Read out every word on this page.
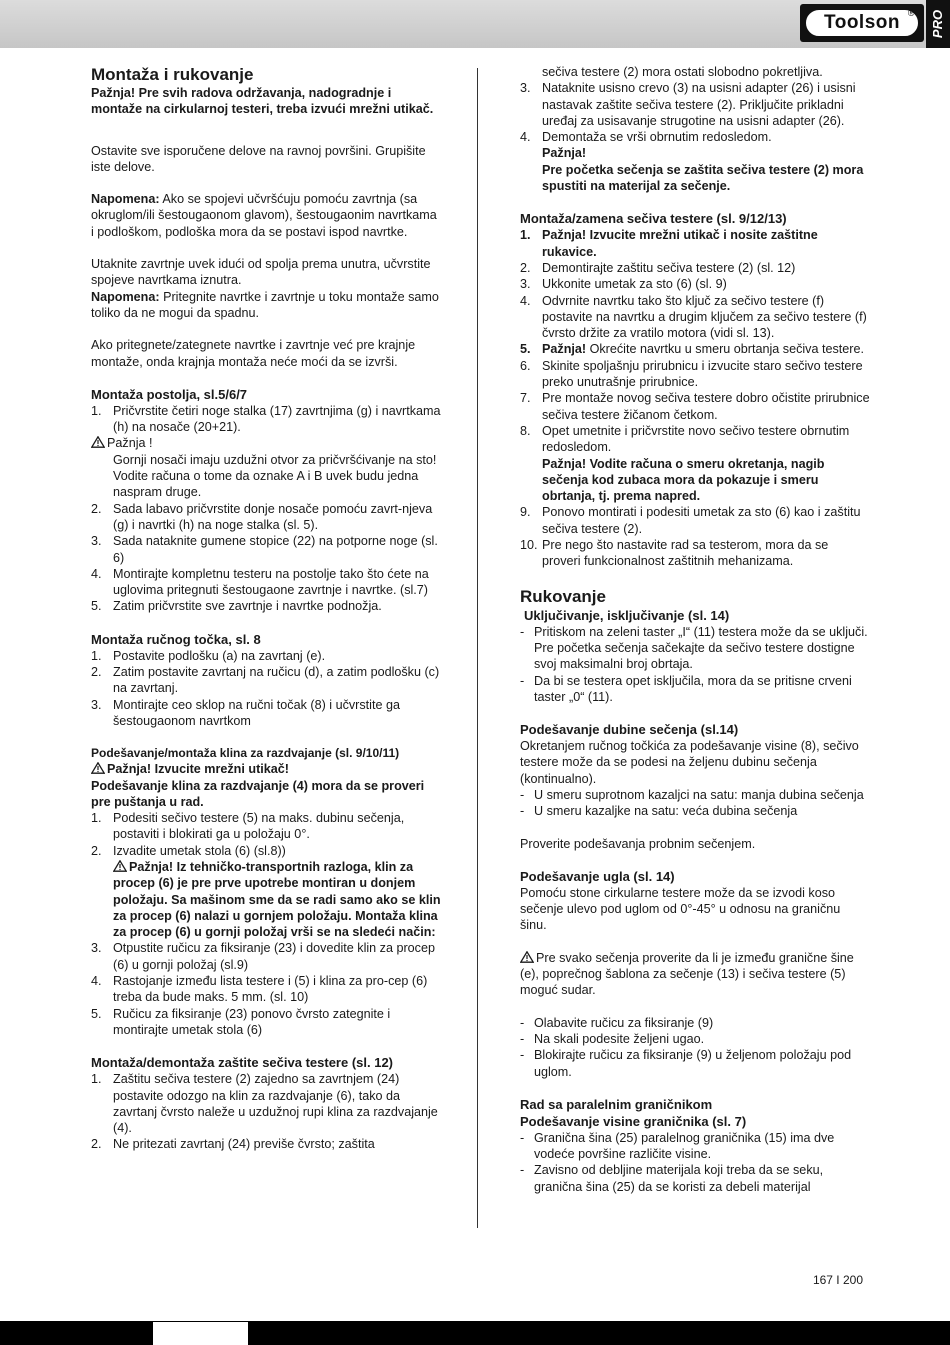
Toolson ®	PRO

Montaža i rukovanje

Pažnja! Pre svih radova održavanja, nadogradnje i montaže na cirkularnoj testeri, treba izvući mrežni utikač.

Ostavite sve isporučene delove na ravnoj površini. Grupišite iste delove.

Napomena: Ako se spojevi učvršćuju pomoću zavrtnja (sa okruglom/ili šestougaonom glavom), šestougaonim navrtkama i podloškom, podloška mora da se postavi ispod navrtke.

Utaknite zavrtnje uvek idući od spolja prema unutra, učvrstite spojeve navrtkama iznutra.

Napomena: Pritegnite navrtke i zavrtnje u toku montaže samo toliko da ne mogui da spadnu.

Ako pritegnete/zategnete navrtke i zavrtnje već pre krajnje montaže, onda krajnja montaža neće moći da se izvrši.

Montaža postolja, sl.5/6/7

1. Pričvrstite četiri noge stalka (17) zavrtnjima (g) i navrtkama (h) na nosače (20+21).

Pažnja !

Gornji nosači imaju uzdužni otvor za pričvršćivanje na sto!

Vodite računa o tome da oznake A i B uvek budu jedna naspram druge.

2. Sada labavo pričvrstite donje nosače pomoću zavrt-njeva (g) i navrtki (h) na noge stalka (sl. 5).
3. Sada nataknite gumene stopice (22) na potporne noge (sl. 6)
4. Montirajte kompletnu testeru na postolje tako što ćete na uglovima pritegnuti šestougaone zavrtnje i navrtke. (sl.7)
5. Zatim pričvrstite sve zavrtnje i navrtke podnožja.

Montaža ručnog točka, sl. 8

1. Postavite podlošku (a) na zavrtanj (e).
2. Zatim postavite zavrtanj na ručicu (d), a zatim podlošku (c) na zavrtanj.
3. Montirajte ceo sklop na ručni točak (8) i učvrstite ga šestougaonom navrtkom

Podešavanje/montaža klina za razdvajanje (sl. 9/10/11)

Pažnja! Izvucite mrežni utikač!

Podešavanje klina za razdvajanje (4) mora da se proveri pre puštanja u rad.

1. Podesiti sečivo testere (5) na maks. dubinu sečenja, postaviti i blokirati ga u položaju 0°.
2. Izvadite umetak stola (6) (sl.8))

Pažnja! Iz tehničko-transportnih razloga, klin za procep (6) je pre prve upotrebe montiran u donjem položaju. Sa mašinom sme da se radi samo ako se klin za procep (6) nalazi u gornjem položaju. Montaža klina za procep (6) u gornji položaj vrši se na sledeći način:

3. Otpustite ručicu za fiksiranje (23) i dovedite klin za procep (6) u gornji položaj (sl.9)
4. Rastojanje između lista testere i (5) i klina za pro-cep (6) treba da bude maks. 5 mm. (sl. 10)
5. Ručicu za fiksiranje (23) ponovo čvrsto zategnite i montirajte umetak stola (6)

Montaža/demontaža zaštite sečiva testere (sl. 12)

1. Zaštitu sečiva testere (2) zajedno sa zavrtnjem (24) postavite odozgo na klin za razdvajanje (6), tako da zavrtanj čvrsto naleže u uzdužnoj rupi klina za razdvajanje (4).
2. Ne pritezati zavrtanj (24) previše čvrsto; zaštita

sečiva testere (2) mora ostati slobodno pokretljiva.

3. Nataknite usisno crevo (3) na usisni adapter (26) i usisni nastavak zaštite sečiva testere (2). Priključite prikladni uređaj za usisavanje strugotine na usisni adapter (26).
4. Demontaža se vrši obrnutim redosledom.

Pažnja!

Pre početka sečenja se zaštita sečiva testere (2) mora spustiti na materijal za sečenje.

Montaža/zamena sečiva testere (sl. 9/12/13)

1. Pažnja! Izvucite mrežni utikač i nosite zaštitne rukavice.
2. Demontirajte zaštitu sečiva testere (2) (sl. 12)
3. Ukkonite umetak za sto (6) (sl. 9)
4. Odvrnite navrtku tako što ključ za sečivo testere (f) postavite na navrtku a drugim ključem za sečivo testere (f) čvrsto držite za vratilo motora (vidi sl. 13).
5. Pažnja! Okrećite navrtku u smeru obrtanja sečiva testere.
6. Skinite spoljašnju prirubnicu i izvucite staro sečivo testere preko unutrašnje prirubnice.
7. Pre montaže novog sečiva testere dobro očistite prirubnice sečiva testere žičanom četkom.
8. Opet umetnite i pričvrstite novo sečivo testere obrnutim redosledom.

Pažnja! Vodite računa o smeru okretanja, nagib sečenja kod zubaca mora da pokazuje i smeru obrtanja, tj. prema napred.

9. Ponovo montirati i podesiti umetak za sto (6) kao i zaštitu sečiva testere (2).
10. Pre nego što nastavite rad sa testerom, mora da se proveri funkcionalnost zaštitnih mehanizama.

Rukovanje

Uključivanje, isključivanje (sl. 14)

- Pritiskom na zeleni taster „I“ (11) testera može da se uključi. Pre početka sečenja sačekajte da sečivo testere dostigne svoj maksimalni broj obrtaja.
- Da bi se testera opet isključila, mora da se pritisne crveni taster „0“ (11).

Podešavanje dubine sečenja (sl.14)

Okretanjem ručnog točkića za podešavanje visine (8), sečivo testere može da se podesi na željenu dubinu sečenja (kontinualno).

- U smeru suprotnom kazaljci na satu: manja dubina sečenja
- U smeru kazaljke na satu: veća dubina sečenja

Proverite podešavanja probnim sečenjem.

Podešavanje ugla (sl. 14)

Pomoću stone cirkularne testere može da se izvodi koso sečenje ulevo pod uglom od 0°-45° u odnosu na graničnu šinu.

Pre svako sečenja proverite da li je između granične šine (e), poprečnog šablona za sečenje (13) i sečiva testere (5) moguć sudar.

- Olabavite ručicu za fiksiranje (9)
- Na skali podesite željeni ugao.
- Blokirajte ručicu za fiksiranje (9) u željenom položaju pod uglom.

Rad sa paralelnim graničnikom

Podešavanje visine graničnika (sl. 7)

- Granična šina (25) paralelnog graničnika (15) ima dve vodeće površine različite visine.
- Zavisno od debljine materijala koji treba da se seku, granična šina (25) da se koristi za debeli materijal
167 I 200
